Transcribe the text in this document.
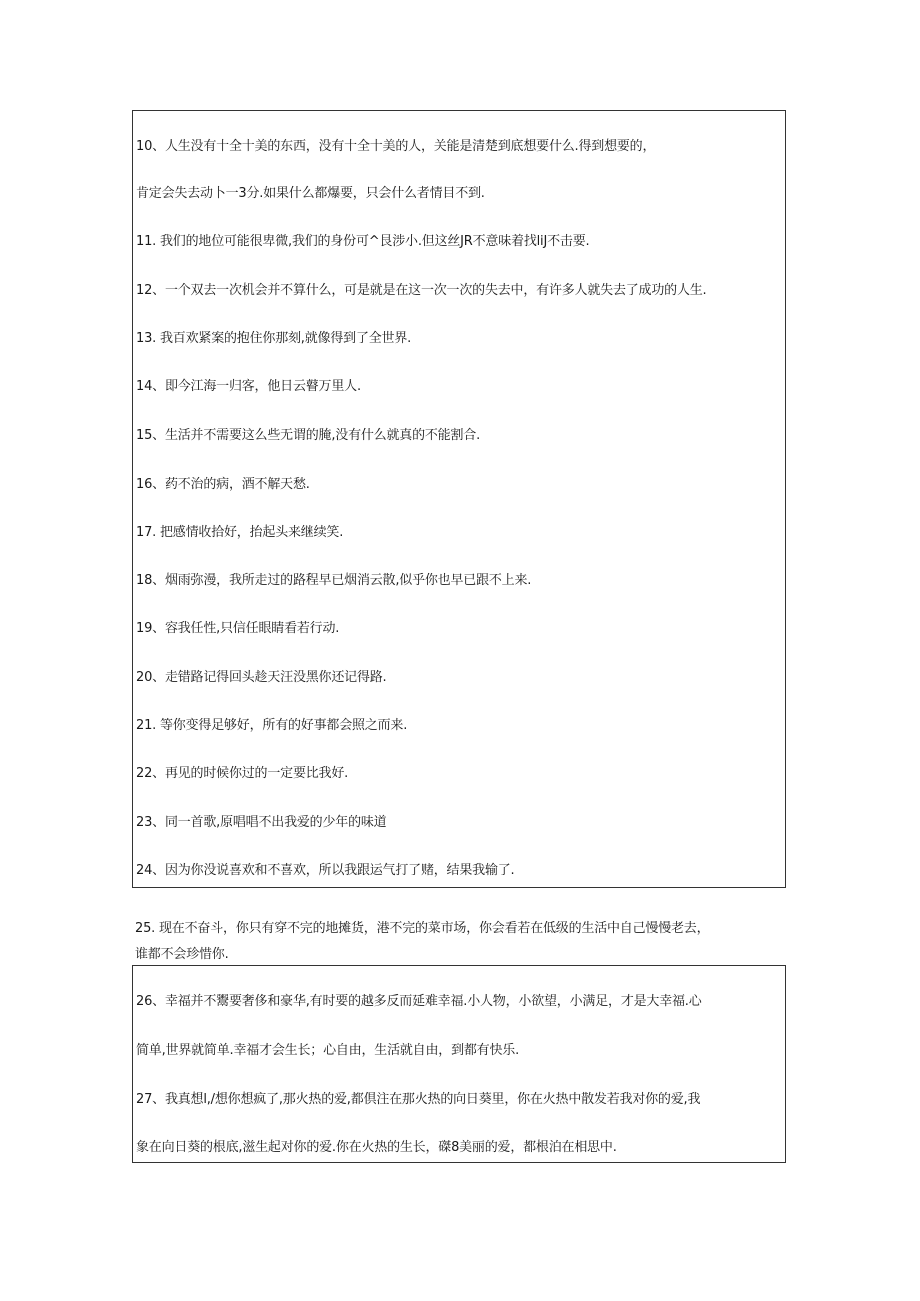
10、人生没有十全十美的东西，没有十全十美的人，关能是清楚到底想要什么.得到想要的，
肯定会失去动卜一3分.如果什么都爆要，只会什么者情目不到.
11. 我们的地位可能很卑微,我们的身份可^艮涉小.但这丝JR不意味着找liJ不击要.
12、一个双去一次机会并不算什么，可是就是在这一次一次的失去中，有许多人就失去了成功的人生.
13. 我百欢紧案的抱住你那刻,就像得到了全世界.
14、即今江海一归客，他日云瞽万里人.
15、生活并不需要这么些无谓的腌,没有什么就真的不能割合.
16、药不治的病，酒不解天愁.
17. 把感情收拾好，抬起头来继续笑.
18、烟雨弥漫，我所走过的路程早已烟消云散,似乎你也早已跟不上来.
19、容我任性,只信任眼睛看若行动.
20、走错路记得回头趁天汪没黑你还记得路.
21. 等你变得足够好，所有的好事都会照之而来.
22、再见的时候你过的一定要比我好.
23、同一首歌,原唱唱不出我爱的少年的味道
24、因为你没说喜欢和不喜欢，所以我跟运气打了赌，结果我输了.
25. 现在不奋斗，你只有穿不完的地摊货，港不完的菜市场，你会看若在低级的生活中自己慢慢老去，
谁都不会珍惜你.
26、幸福并不鬻要奢侈和豪华,有时要的越多反而延难幸福.小人物，小欲望，小满足，才是大幸福.心
简单,世界就简单.幸福才会生长；心自由，生活就自由，到都有快乐.
27、我真想l,/想你想疯了,那火热的爱,都倶注在那火热的向日葵里，你在火热中散发若我对你的爱,我
象在向日葵的根底,滋生起对你的爱.你在火热的生长，磔8美丽的爱，都根泊在相思中.
